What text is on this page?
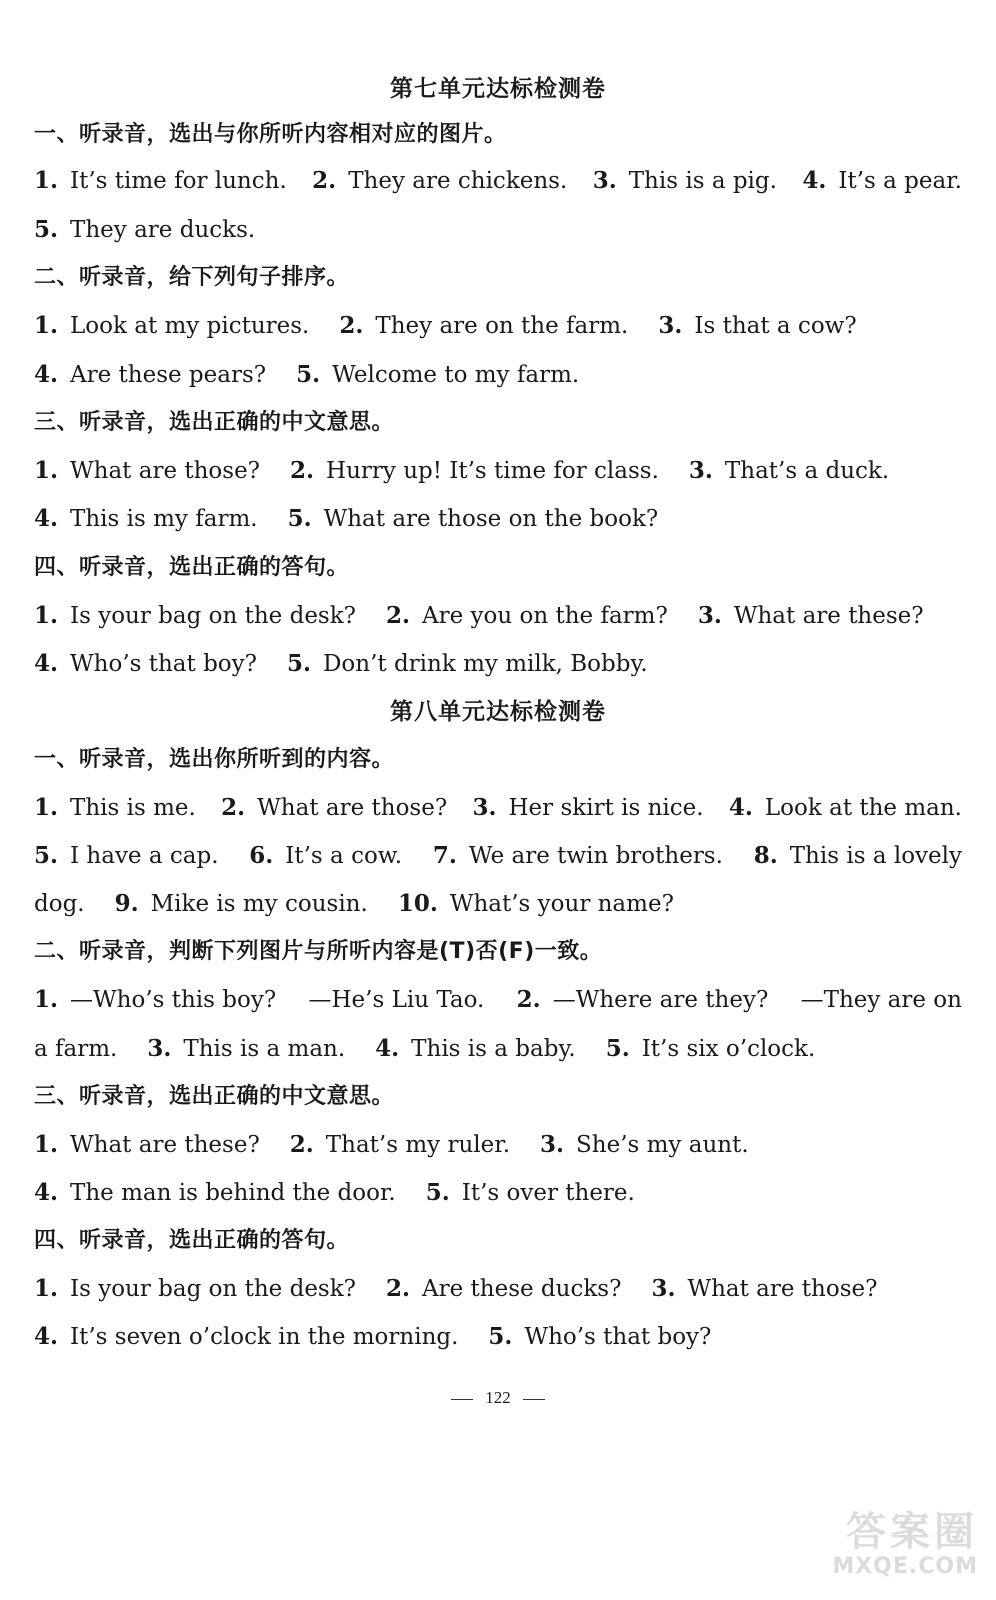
第七单元达标检测卷
一、听录音，选出与你所听内容相对应的图片。
1. It’s time for lunch. 2. They are chickens. 3. This is a pig. 4. It’s a pear.
5. They are ducks.
二、听录音，给下列句子排序。
1. Look at my pictures. 2. They are on the farm. 3. Is that a cow?
4. Are these pears? 5. Welcome to my farm.
三、听录音，选出正确的中文意思。
1. What are those? 2. Hurry up! It’s time for class. 3. That’s a duck.
4. This is my farm. 5. What are those on the book?
四、听录音，选出正确的答句。
1. Is your bag on the desk? 2. Are you on the farm? 3. What are these?
4. Who’s that boy? 5. Don’t drink my milk, Bobby.
第八单元达标检测卷
一、听录音，选出你所听到的内容。
1. This is me. 2. What are those? 3. Her skirt is nice. 4. Look at the man.
5. I have a cap. 6. It’s a cow. 7. We are twin brothers. 8. This is a lovely
dog. 9. Mike is my cousin. 10. What’s your name?
二、听录音，判断下列图片与所听内容是(T)否(F)一致。
1. —Who’s this boy? —He’s Liu Tao. 2. —Where are they? —They are on
a farm. 3. This is a man. 4. This is a baby. 5. It’s six o’clock.
三、听录音，选出正确的中文意思。
1. What are these? 2. That’s my ruler. 3. She’s my aunt.
4. The man is behind the door. 5. It’s over there.
四、听录音，选出正确的答句。
1. Is your bag on the desk? 2. Are these ducks? 3. What are those?
4. It’s seven o’clock in the morning. 5. Who’s that boy?
122
答案圈
MXQE.COM
